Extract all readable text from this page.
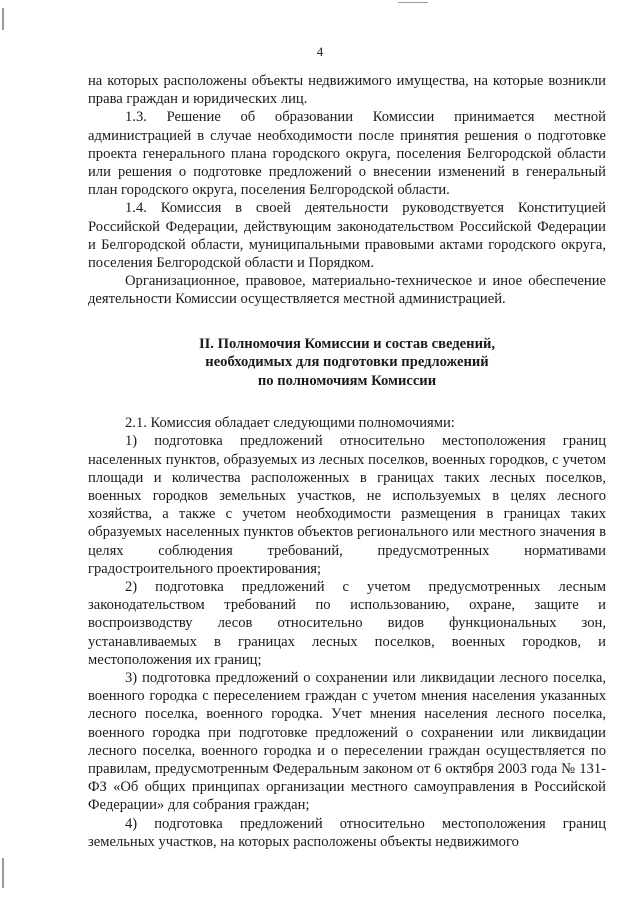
4

на которых расположены объекты недвижимого имущества, на которые возникли права граждан и юридических лиц.

1.3. Решение об образовании Комиссии принимается местной администрацией в случае необходимости после принятия решения о подготовке проекта генерального плана городского округа, поселения Белгородской области или решения о подготовке предложений о внесении изменений в генеральный план городского округа, поселения Белгородской области.

1.4. Комиссия в своей деятельности руководствуется Конституцией Российской Федерации, действующим законодательством Российской Федерации и Белгородской области, муниципальными правовыми актами городского округа, поселения Белгородской области и Порядком.

Организационное, правовое, материально-техническое и иное обеспечение деятельности Комиссии осуществляется местной администрацией.

II. Полномочия Комиссии и состав сведений,
необходимых для подготовки предложений
по полномочиям Комиссии

2.1. Комиссия обладает следующими полномочиями:

1) подготовка предложений относительно местоположения границ населенных пунктов, образуемых из лесных поселков, военных городков, с учетом площади и количества расположенных в границах таких лесных поселков, военных городков земельных участков, не используемых в целях лесного хозяйства, а также с учетом необходимости размещения в границах таких образуемых населенных пунктов объектов регионального или местного значения в целях соблюдения требований, предусмотренных нормативами градостроительного проектирования;

2) подготовка предложений с учетом предусмотренных лесным законодательством требований по использованию, охране, защите и воспроизводству лесов относительно видов функциональных зон, устанавливаемых в границах лесных поселков, военных городков, и местоположения их границ;

3) подготовка предложений о сохранении или ликвидации лесного поселка, военного городка с переселением граждан с учетом мнения населения указанных лесного поселка, военного городка. Учет мнения населения лесного поселка, военного городка при подготовке предложений о сохранении или ликвидации лесного поселка, военного городка и о переселении граждан осуществляется по правилам, предусмотренным Федеральным законом от 6 октября 2003 года № 131-ФЗ «Об общих принципах организации местного самоуправления в Российской Федерации» для собрания граждан;

4) подготовка предложений относительно местоположения границ земельных участков, на которых расположены объекты недвижимого
